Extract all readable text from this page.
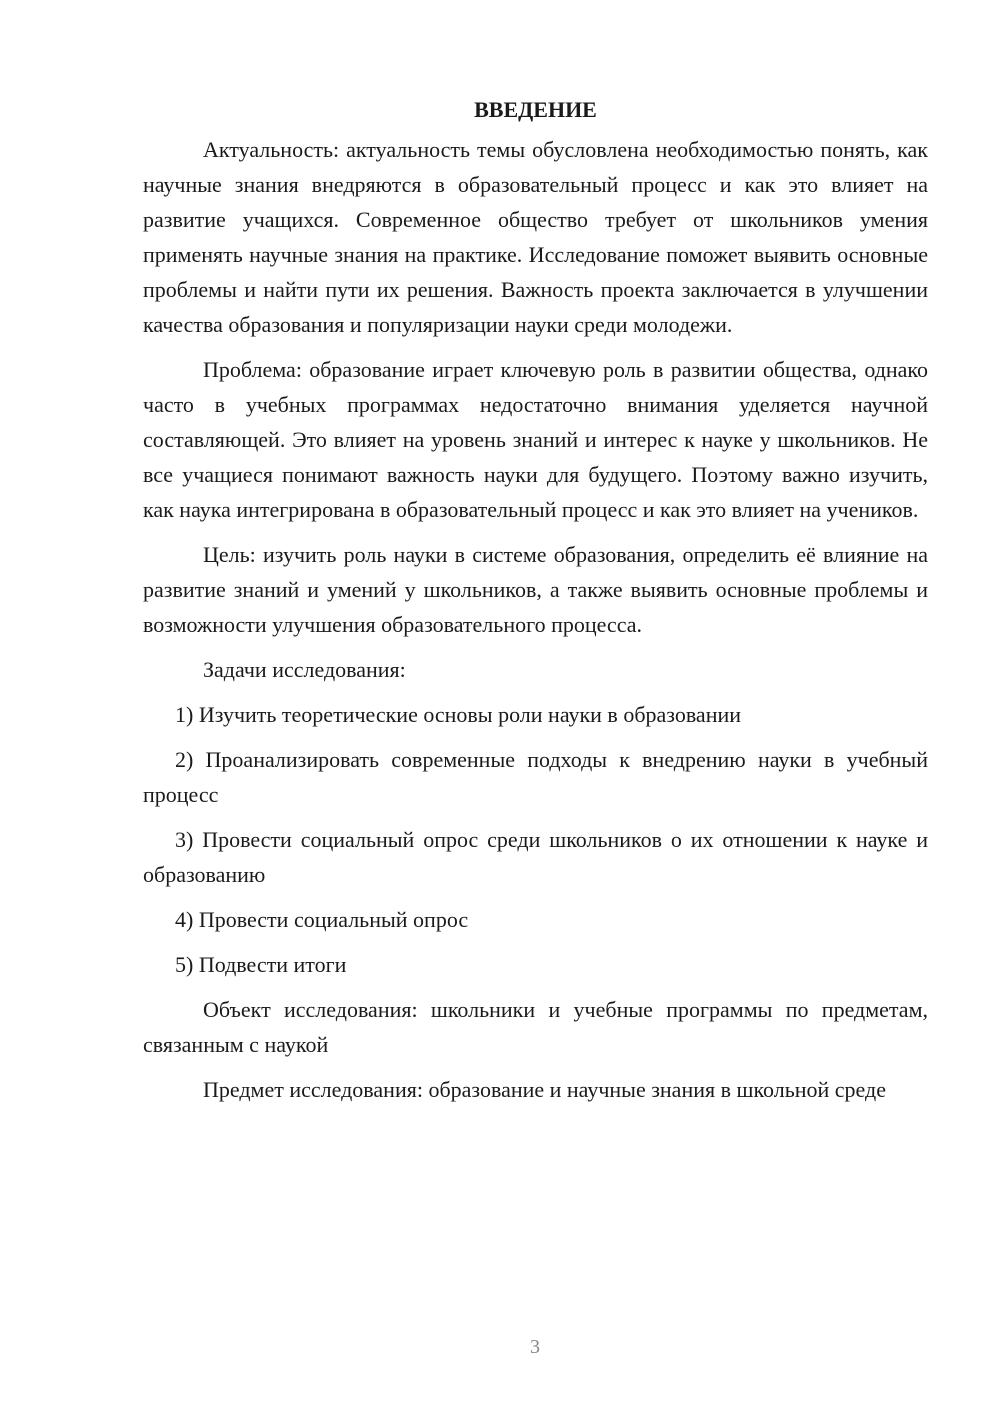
ВВЕДЕНИЕ

Актуальность: актуальность темы обусловлена необходимостью понять, как научные знания внедряются в образовательный процесс и как это влияет на развитие учащихся. Современное общество требует от школьников умения применять научные знания на практике. Исследование поможет выявить основные проблемы и найти пути их решения. Важность проекта заключается в улучшении качества образования и популяризации науки среди молодежи.

Проблема: образование играет ключевую роль в развитии общества, однако часто в учебных программах недостаточно внимания уделяется научной составляющей. Это влияет на уровень знаний и интерес к науке у школьников. Не все учащиеся понимают важность науки для будущего. Поэтому важно изучить, как наука интегрирована в образовательный процесс и как это влияет на учеников.

Цель: изучить роль науки в системе образования, определить её влияние на развитие знаний и умений у школьников, а также выявить основные проблемы и возможности улучшения образовательного процесса.

Задачи исследования:

1) Изучить теоретические основы роли науки в образовании

2) Проанализировать современные подходы к внедрению науки в учебный процесс

3) Провести социальный опрос среди школьников о их отношении к науке и образованию

4) Провести социальный опрос

5) Подвести итоги

Объект исследования: школьники и учебные программы по предметам, связанным с наукой

Предмет исследования: образование и научные знания в школьной среде

3
